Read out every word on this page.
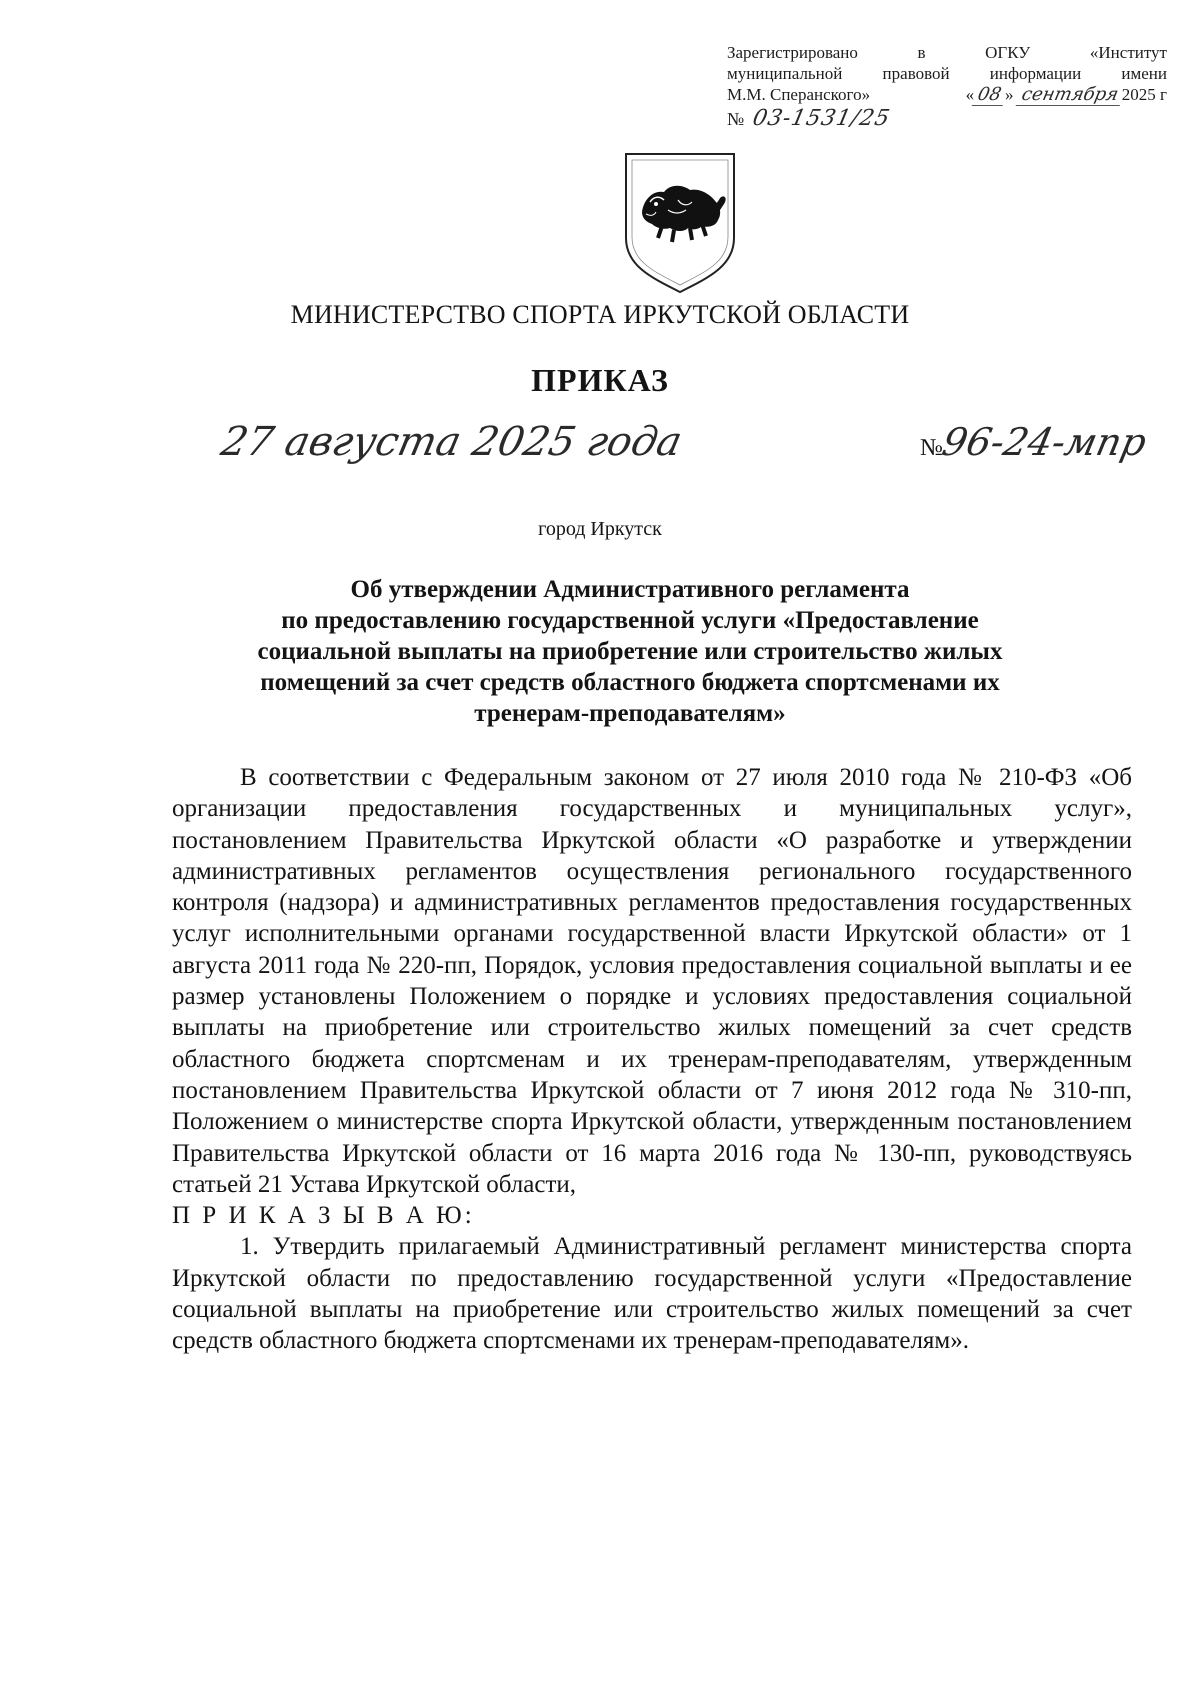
Зарегистрировано	в	ОГКУ	«Институт
муниципальной правовой информации имени
М.М. Сперанского»	« 08» сентября2025 г
№ 03-1531/25
МИНИСТЕРСТВО СПОРТА ИРКУТСКОЙ ОБЛАСТИ
ПРИКАЗ
27 августа 2025 года	№96-24-мпр
город Иркутск
Об утверждении Административного регламента
по предоставлению государственной услуги «Предоставление
социальной выплаты на приобретение или строительство жилых
помещений за счет средств областного бюджета спортсменами их
тренерам-преподавателям»

В соответствии с Федеральным законом от 27 июля 2010 года № 210-ФЗ «Об организации предоставления государственных и муниципальных услуг», постановлением Правительства Иркутской области «О разработке и утверждении административных регламентов осуществления регионального государственного контроля (надзора) и административных регламентов предоставления государственных услуг исполнительными органами государственной власти Иркутской области» от 1 августа 2011 года № 220-пп, Порядок, условия предоставления социальной выплаты и ее размер установлены Положением о порядке и условиях предоставления социальной выплаты на приобретение или строительство жилых помещений за счет средств областного бюджета спортсменам и их тренерам-преподавателям, утвержденным постановлением Правительства Иркутской области от 7 июня 2012 года № 310-пп, Положением о министерстве спорта Иркутской области, утвержденным постановлением Правительства Иркутской области от 16 марта 2016 года № 130-пп, руководствуясь статьей 21 Устава Иркутской области,

П Р И К А З Ы В А Ю:

1. Утвердить прилагаемый Административный регламент министерства спорта Иркутской области по предоставлению государственной услуги «Предоставление социальной выплаты на приобретение или строительство жилых помещений за счет средств областного бюджета спортсменами их тренерам-преподавателям».
